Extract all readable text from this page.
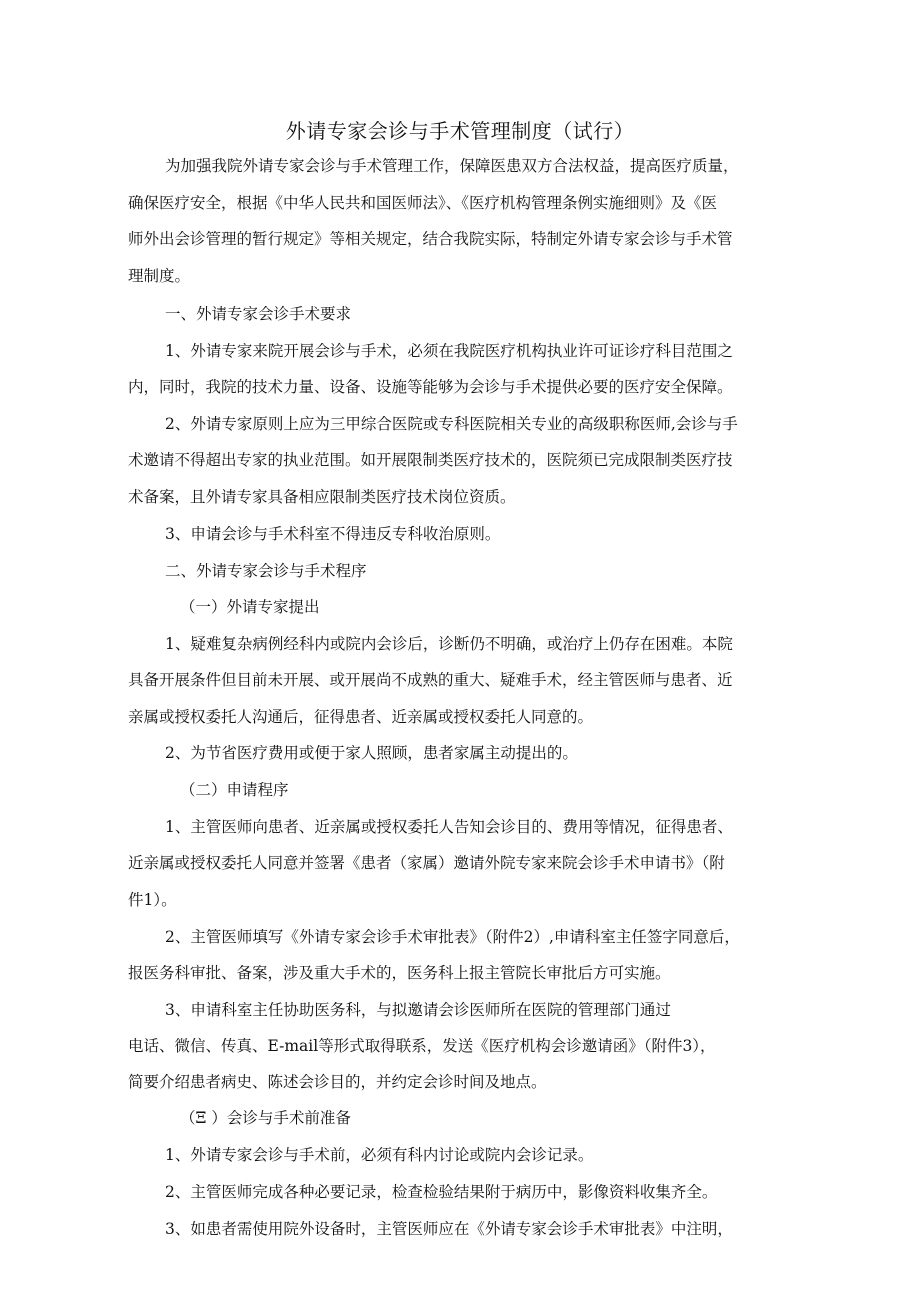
外请专家会诊与手术管理制度（试行）

为加强我院外请专家会诊与手术管理工作，保障医患双方合法权益，提高医疗质量，

确保医疗安全，根据《中华人民共和国医师法》、《医疗机构管理条例实施细则》及《医

师外出会诊管理的暂行规定》等相关规定，结合我院实际，特制定外请专家会诊与手术管

理制度。

一、外请专家会诊手术要求

1、外请专家来院开展会诊与手术，必须在我院医疗机构执业许可证诊疗科目范围之

内，同时，我院的技术力量、设备、设施等能够为会诊与手术提供必要的医疗安全保障。

2、外请专家原则上应为三甲综合医院或专科医院相关专业的高级职称医师,会诊与手

术邀请不得超出专家的执业范围。如开展限制类医疗技术的，医院须已完成限制类医疗技

术备案，且外请专家具备相应限制类医疗技术岗位资质。

3、申请会诊与手术科室不得违反专科收治原则。

二、外请专家会诊与手术程序

（一）外请专家提出

1、疑难复杂病例经科内或院内会诊后，诊断仍不明确，或治疗上仍存在困难。本院

具备开展条件但目前未开展、或开展尚不成熟的重大、疑难手术，经主管医师与患者、近

亲属或授权委托人沟通后，征得患者、近亲属或授权委托人同意的。

2、为节省医疗费用或便于家人照顾，患者家属主动提出的。

（二）申请程序

1、主管医师向患者、近亲属或授权委托人告知会诊目的、费用等情况，征得患者、

近亲属或授权委托人同意并签署《患者（家属）邀请外院专家来院会诊手术申请书》（附

件1）。

2、主管医师填写《外请专家会诊手术审批表》（附件2）,申请科室主任签字同意后，

报医务科审批、备案，涉及重大手术的，医务科上报主管院长审批后方可实施。

3、申请科室主任协助医务科，与拟邀请会诊医师所在医院的管理部门通过

电话、微信、传真、E-mail等形式取得联系，发送《医疗机构会诊邀请函》（附件3），

简要介绍患者病史、陈述会诊目的，并约定会诊时间及地点。

（Ξ ）会诊与手术前准备

1、外请专家会诊与手术前，必须有科内讨论或院内会诊记录。

2、主管医师完成各种必要记录，检查检验结果附于病历中，影像资料收集齐全。

3、如患者需使用院外设备时，主管医师应在《外请专家会诊手术审批表》中注明，
